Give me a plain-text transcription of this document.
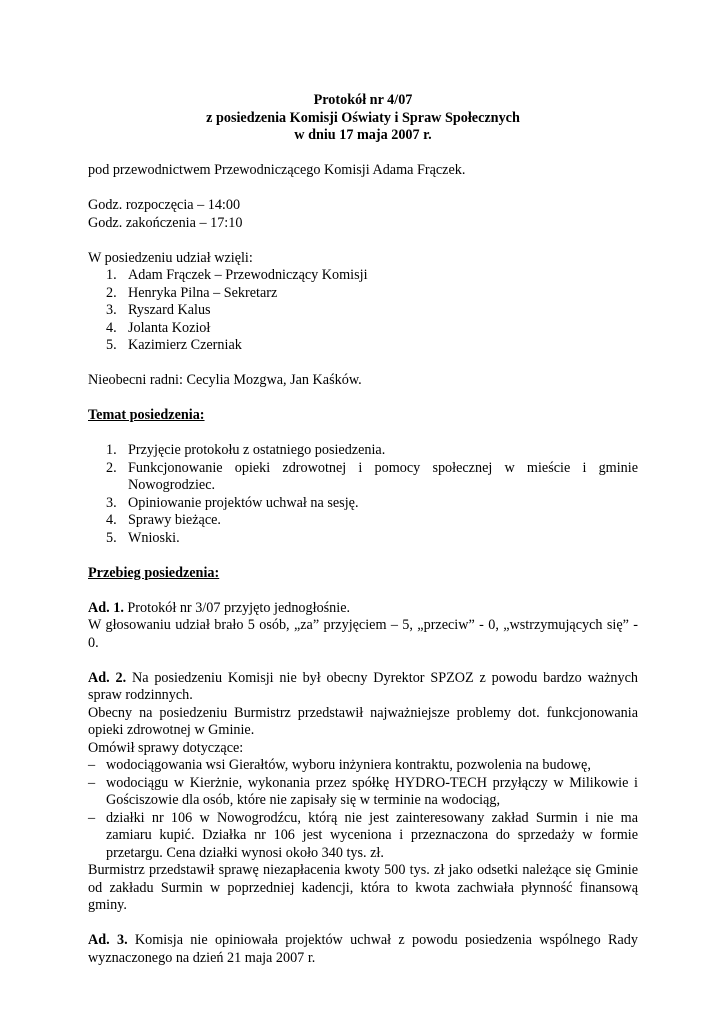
Protokół nr 4/07
z posiedzenia Komisji Oświaty i Spraw Społecznych
w dniu 17 maja 2007 r.

pod przewodnictwem Przewodniczącego Komisji Adama Frączek.

Godz. rozpoczęcia – 14:00

Godz. zakończenia – 17:10

W posiedzeniu udział wzięli:

1. Adam Frączek – Przewodniczący Komisji
2. Henryka Pilna – Sekretarz
3. Ryszard Kalus
4. Jolanta Kozioł
5. Kazimierz Czerniak

Nieobecni radni: Cecylia Mozgwa, Jan Kaśków.

Temat posiedzenia:
1. Przyjęcie protokołu z ostatniego posiedzenia.
2. Funkcjonowanie opieki zdrowotnej i pomocy społecznej w mieście i gminie Nowogrodziec.
3. Opiniowanie projektów uchwał na sesję.
4. Sprawy bieżące.
5. Wnioski.
Przebieg posiedzenia:

Ad. 1. Protokół nr 3/07 przyjęto jednogłośnie.

W głosowaniu udział brało 5 osób, „za” przyjęciem – 5, „przeciw” - 0, „wstrzymujących się” - 0.

Ad. 2. Na posiedzeniu Komisji nie był obecny Dyrektor SPZOZ z powodu bardzo ważnych spraw rodzinnych.

Obecny na posiedzeniu Burmistrz przedstawił najważniejsze problemy dot. funkcjonowania opieki zdrowotnej w Gminie.

Omówił sprawy dotyczące:

– wodociągowania wsi Gierałtów, wyboru inżyniera kontraktu, pozwolenia na budowę,
– wodociągu w Kierżnie, wykonania przez spółkę HYDRO-TECH przyłączy w Milikowie i Gościszowie dla osób, które nie zapisały się w terminie na wodociąg,
– działki nr 106 w Nowogrodźcu, którą nie jest zainteresowany zakład Surmin i nie ma zamiaru kupić. Działka nr 106 jest wyceniona i przeznaczona do sprzedaży w formie przetargu. Cena działki wynosi około 340 tys. zł.

Burmistrz przedstawił sprawę niezapłacenia kwoty 500 tys. zł jako odsetki należące się Gminie od zakładu Surmin w poprzedniej kadencji, która to kwota zachwiała płynność finansową gminy.

Ad. 3. Komisja nie opiniowała projektów uchwał z powodu posiedzenia wspólnego Rady wyznaczonego na dzień 21 maja 2007 r.
